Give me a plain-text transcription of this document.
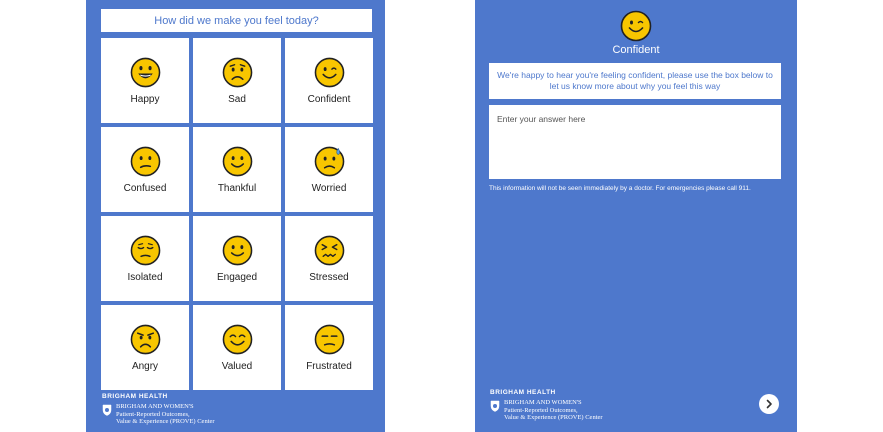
How did we make you feel today?
Happy	Sad	Confident
Confused	Thankful	Worried
Isolated	Engaged	Stressed
Angry	Valued	Frustrated
BRIGHAM HEALTH
BRIGHAM AND WOMEN'S
Patient-Reported Outcomes,
Value & Experience (PROVE) Center
Confident
We're happy to hear you're feeling confident, please use the box below to let us know more about why you feel this way
Enter your answer here
This information will not be seen immediately by a doctor. For emergencies please call 911.
BRIGHAM HEALTH
BRIGHAM AND WOMEN'S
Patient-Reported Outcomes,
Value & Experience (PROVE) Center
